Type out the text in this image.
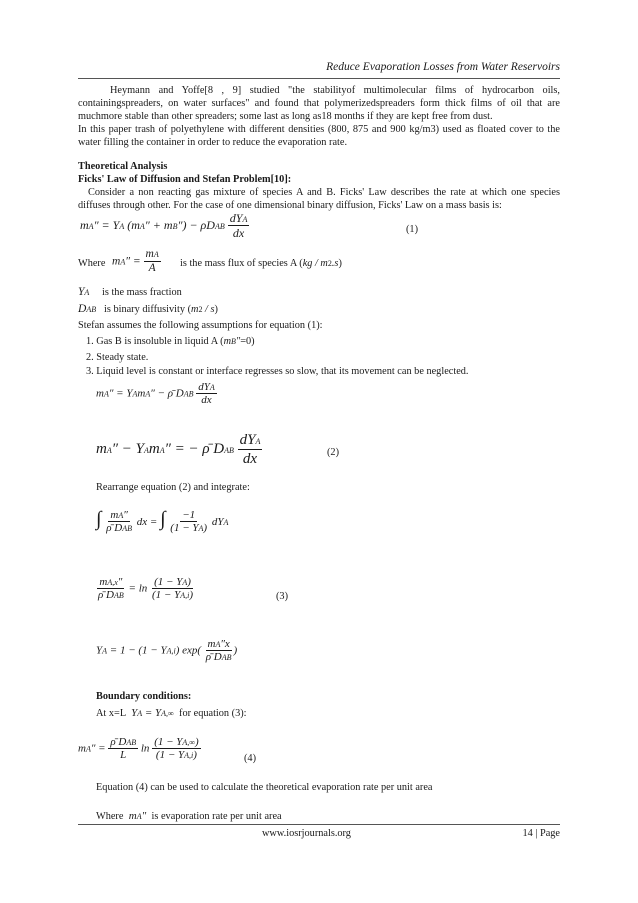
Reduce Evaporation Losses from Water Reservoirs
Heymann and Yoffe[8 , 9] studied "the stabilityof multimolecular films of hydrocarbon oils, containingspreaders, on water surfaces" and found that polymerizedspreaders form thick films of oil that are muchmore stable than other spreaders; some last as long as18 months if they are kept free from dust.
In this paper trash of polyethylene with different densities (800, 875 and 900 kg/m3) used as floated cover to the water filling the container in order to reduce the evaporation rate.
Theoretical Analysis
Ficks' Law of Diffusion and Stefan Problem[10]:
Consider a non reacting gas mixture of species A and B. Ficks' Law describes the rate at which one species diffuses through other. For the case of one dimensional binary diffusion, Ficks' Law on a mass basis is:
mA″ = YA (mA″ + mB″) − ρDAB $\frac{\text{dYA}}{dx}$	(1)
Where $mA'' = \frac{mA}{A}$ is the mass flux of species A (kg / m2.s)
YA is the mass fraction
DAB is binary diffusivity (m2 / s)
Stefan assumes the following assumptions for equation (1):
1. Gas B is insoluble in liquid A (mB″=0)
2. Steady state.
3. Liquid level is constant or interface regresses so slow, that its movement can be neglected.
mA″ = YAmA″ − ρ̄ DAB $\frac{\text{dYA}}{dx}$
mA″ − YAmA″ = − ρ̄ DAB $\frac{\text{dYA}}{dx}$	(2)
Rearrange equation (2) and integrate:
∫ $\frac{mA''}{\text{ρ̄ DAB}}$ dx = ∫ $\frac{-1}{(1 - YA)}$ dYA
$\frac{mA,x''}{\text{ρ̄ DAB}} = \ln \frac{(1 - YA)}{(1 - YA,i)}$	(3)
YA = 1 − (1 − YA,i) $\exp( \frac{mA''x}{\text{ρ̄ DAB}}$ )
Boundary conditions:
At x=L  YA = YA,∞ for equation (3):
$mA'' = \frac{\text{ρ̄ DAB}}{L}$ $\ln \frac{(1 - YA,\infty)}{(1 - YA,i)}$	(4)
Equation (4) can be used to calculate the theoretical evaporation rate per unit area
Where  mA″  is evaporation rate per unit area
www.iosrjournals.org	14 | Page
